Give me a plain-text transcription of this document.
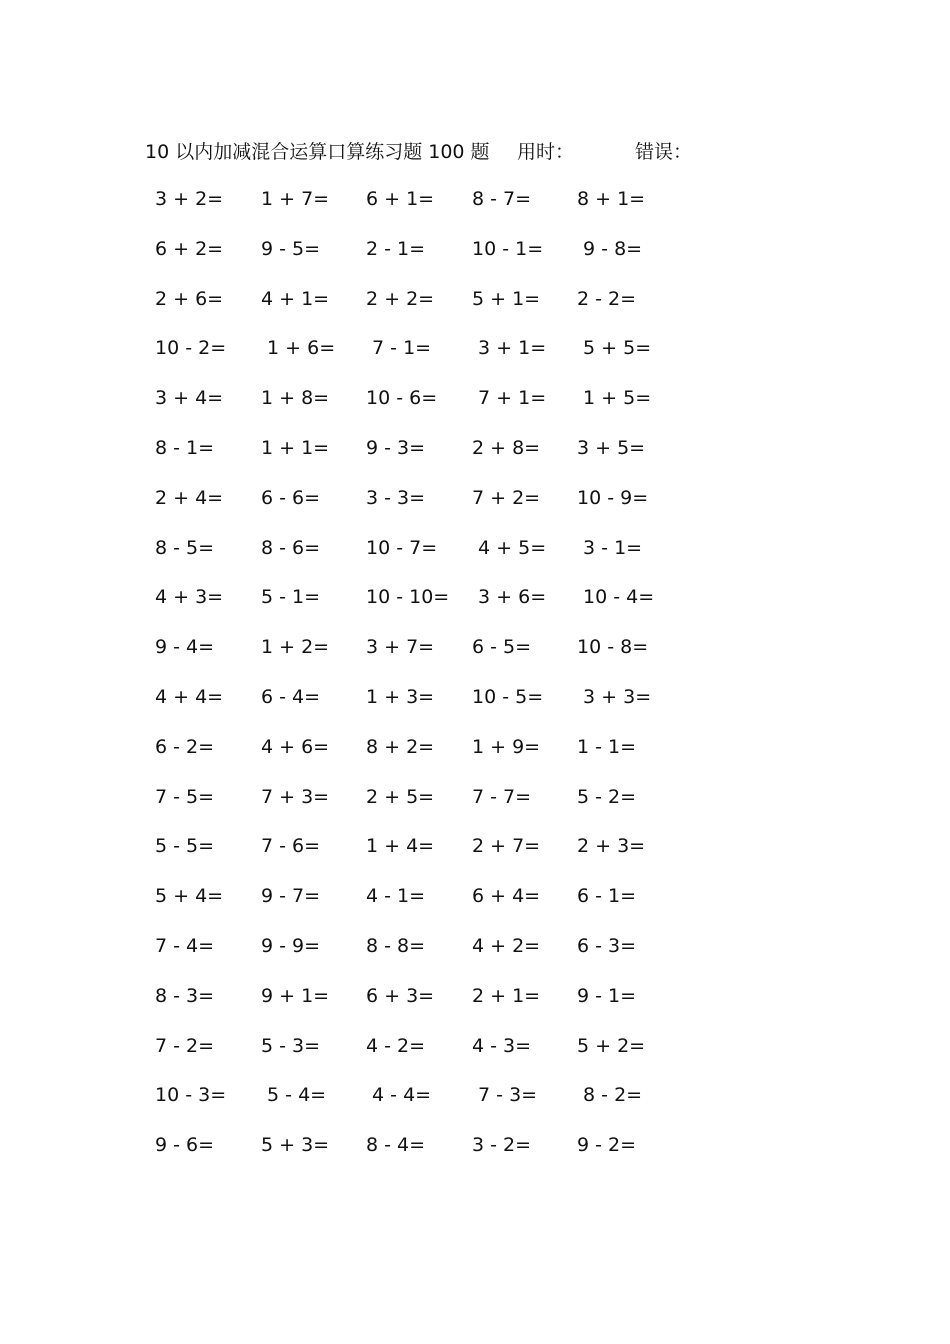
10 以内加减混合运算口算练习题 100 题 用时：	错误：
3 + 2= 1 + 7= 6 + 1= 8 - 7= 8 + 1=
6 + 2= 9 - 5= 2 - 1= 10 - 1= 9 - 8=
2 + 6= 4 + 1= 2 + 2= 5 + 1= 2 - 2=
10 - 2= 1 + 6= 7 - 1= 3 + 1= 5 + 5=
3 + 4= 1 + 8= 10 - 6= 7 + 1= 1 + 5=
8 - 1= 1 + 1= 9 - 3= 2 + 8= 3 + 5=
2 + 4= 6 - 6= 3 - 3= 7 + 2= 10 - 9=
8 - 5= 8 - 6= 10 - 7= 4 + 5= 3 - 1=
4 + 3= 5 - 1= 10 - 10= 3 + 6= 10 - 4=
9 - 4= 1 + 2= 3 + 7= 6 - 5= 10 - 8=
4 + 4= 6 - 4= 1 + 3= 10 - 5= 3 + 3=
6 - 2= 4 + 6= 8 + 2= 1 + 9= 1 - 1=
7 - 5= 7 + 3= 2 + 5= 7 - 7= 5 - 2=
5 - 5= 7 - 6= 1 + 4= 2 + 7= 2 + 3=
5 + 4= 9 - 7= 4 - 1= 6 + 4= 6 - 1=
7 - 4= 9 - 9= 8 - 8= 4 + 2= 6 - 3=
8 - 3= 9 + 1= 6 + 3= 2 + 1= 9 - 1=
7 - 2= 5 - 3= 4 - 2= 4 - 3= 5 + 2=
10 - 3= 5 - 4= 4 - 4= 7 - 3= 8 - 2=
9 - 6= 5 + 3= 8 - 4= 3 - 2= 9 - 2=
